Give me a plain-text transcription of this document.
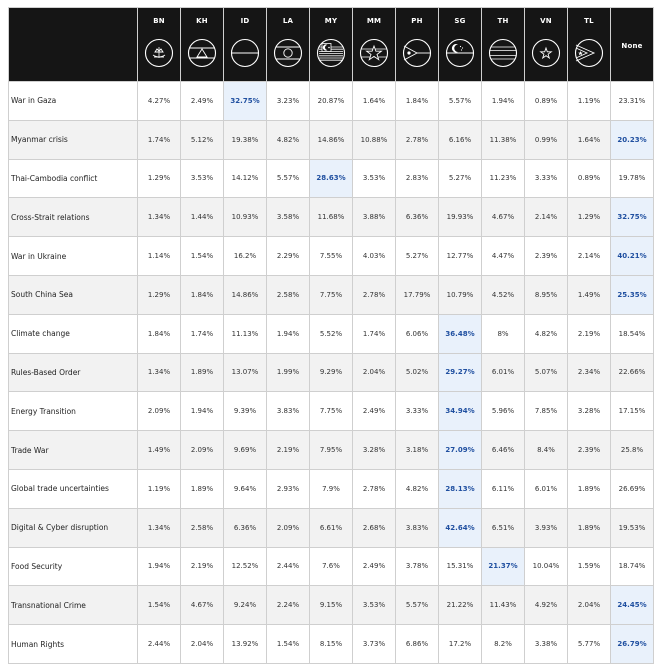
	BN	KH	ID	LA	MY	MM	PH	SG	TH	VN	TL	None

War in Gaza	4.27%	2.49%	32.75%	3.23%	20.87%	1.64%	1.84%	5.57%	1.94%	0.89%	1.19%	23.31%
Myanmar crisis	1.74%	5.12%	19.38%	4.82%	14.86%	10.88%	2.78%	6.16%	11.38%	0.99%	1.64%	20.23%
Thai-Cambodia conflict	1.29%	3.53%	14.12%	5.57%	28.63%	3.53%	2.83%	5.27%	11.23%	3.33%	0.89%	19.78%
Cross-Strait relations	1.34%	1.44%	10.93%	3.58%	11.68%	3.88%	6.36%	19.93%	4.67%	2.14%	1.29%	32.75%
War in Ukraine	1.14%	1.54%	16.2%	2.29%	7.55%	4.03%	5.27%	12.77%	4.47%	2.39%	2.14%	40.21%
South China Sea	1.29%	1.84%	14.86%	2.58%	7.75%	2.78%	17.79%	10.79%	4.52%	8.95%	1.49%	25.35%
Climate change	1.84%	1.74%	11.13%	1.94%	5.52%	1.74%	6.06%	36.48%	8%	4.82%	2.19%	18.54%
Rules-Based Order	1.34%	1.89%	13.07%	1.99%	9.29%	2.04%	5.02%	29.27%	6.01%	5.07%	2.34%	22.66%
Energy Transition	2.09%	1.94%	9.39%	3.83%	7.75%	2.49%	3.33%	34.94%	5.96%	7.85%	3.28%	17.15%
Trade War	1.49%	2.09%	9.69%	2.19%	7.95%	3.28%	3.18%	27.09%	6.46%	8.4%	2.39%	25.8%
Global trade uncertainties	1.19%	1.89%	9.64%	2.93%	7.9%	2.78%	4.82%	28.13%	6.11%	6.01%	1.89%	26.69%
Digital & Cyber disruption	1.34%	2.58%	6.36%	2.09%	6.61%	2.68%	3.83%	42.64%	6.51%	3.93%	1.89%	19.53%
Food Security	1.94%	2.19%	12.52%	2.44%	7.6%	2.49%	3.78%	15.31%	21.37%	10.04%	1.59%	18.74%
Transnational Crime	1.54%	4.67%	9.24%	2.24%	9.15%	3.53%	5.57%	21.22%	11.43%	4.92%	2.04%	24.45%
Human Rights	2.44%	2.04%	13.92%	1.54%	8.15%	3.73%	6.86%	17.2%	8.2%	3.38%	5.77%	26.79%
